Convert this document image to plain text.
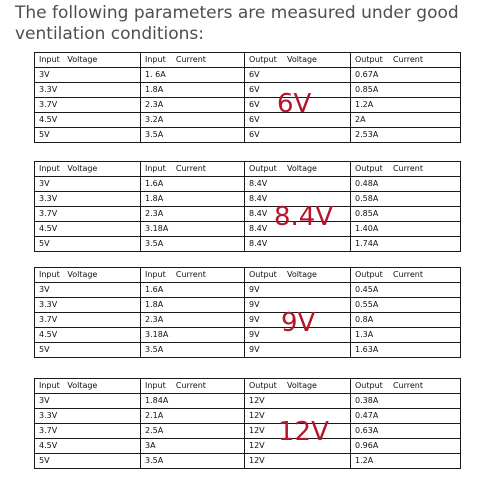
The following parameters are measured under good ventilation conditions:

Input   Voltage	Input    Current	Output    Voltage	Output    Current
3V	1. 6A	6V	0.67A
3.3V	1.8A	6V	0.85A
3.7V	2.3A	6V	1.2A
4.5V	3.2A	6V	2A
5V	3.5A	6V	2.53A
6V
Input   Voltage	Input    Current	Output    Voltage	Output    Current
3V	1.6A	8.4V	0.48A
3.3V	1.8A	8.4V	0.58A
3.7V	2.3A	8.4V	0.85A
4.5V	3.18A	8.4V	1.40A
5V	3.5A	8.4V	1.74A
8.4V
Input   Voltage	Input    Current	Output    Voltage	Output    Current
3V	1.6A	9V	0.45A
3.3V	1.8A	9V	0.55A
3.7V	2.3A	9V	0.8A
4.5V	3.18A	9V	1.3A
5V	3.5A	9V	1.63A
9V
Input   Voltage	Input    Current	Output    Voltage	Output    Current
3V	1.84A	12V	0.38A
3.3V	2.1A	12V	0.47A
3.7V	2.5A	12V	0.63A
4.5V	3A	12V	0.96A
5V	3.5A	12V	1.2A
12V
